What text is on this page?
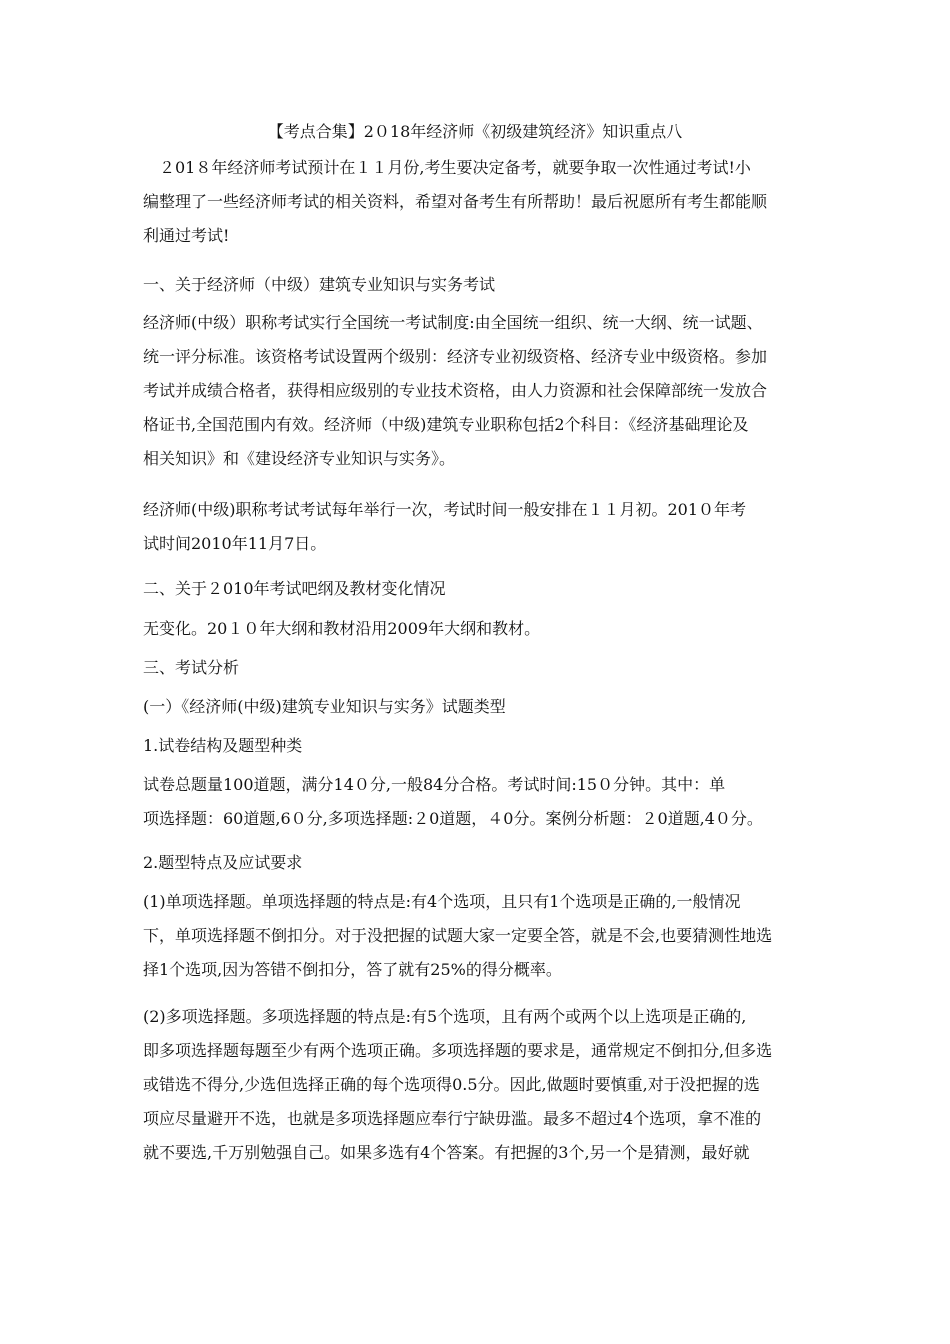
【考点合集】2０18年经济师《初级建筑经济》知识重点八
　２01８年经济师考试预计在１１月份,考生要决定备考，就要争取一次性通过考试!小
编整理了一些经济师考试的相关资料，希望对备考生有所帮助！最后祝愿所有考生都能顺
利通过考试!
一、关于经济师（中级）建筑专业知识与实务考试
经济师(中级）职称考试实行全国统一考试制度:由全国统一组织、统一大纲、统一试题、
统一评分标准。该资格考试设置两个级别：经济专业初级资格、经济专业中级资格。参加
考试并成绩合格者，获得相应级别的专业技术资格，由人力资源和社会保障部统一发放合
格证书,全国范围内有效。经济师（中级)建筑专业职称包括2个科目：《经济基础理论及
相关知识》和《建设经济专业知识与实务》。
经济师(中级)职称考试考试每年举行一次，考试时间一般安排在１１月初。201０年考
试时间2010年11月7日。
二、关于２010年考试吧纲及教材变化情况
无变化。20１０年大纲和教材沿用2009年大纲和教材。
三、考试分析
(一）《经济师(中级)建筑专业知识与实务》试题类型
1.试卷结构及题型种类
试卷总题量100道题，满分14０分,一般84分合格。考试时间:15０分钟。其中：单
项选择题：60道题,6０分,多项选择题:２0道题，４0分。案例分析题：２0道题,4０分。
2.题型特点及应试要求
(1)单项选择题。单项选择题的特点是:有4个选项，且只有1个选项是正确的,一般情况
下，单项选择题不倒扣分。对于没把握的试题大家一定要全答，就是不会,也要猜测性地选
择1个选项,因为答错不倒扣分，答了就有25%的得分概率。
(2)多项选择题。多项选择题的特点是:有5个选项，且有两个或两个以上选项是正确的,
即多项选择题每题至少有两个选项正确。多项选择题的要求是，通常规定不倒扣分,但多选
或错选不得分,少选但选择正确的每个选项得0.5分。因此,做题时要慎重,对于没把握的选
项应尽量避开不选，也就是多项选择题应奉行宁缺毋滥。最多不超过4个选项，拿不准的
就不要选,千万别勉强自己。如果多选有4个答案。有把握的3个,另一个是猜测，最好就
